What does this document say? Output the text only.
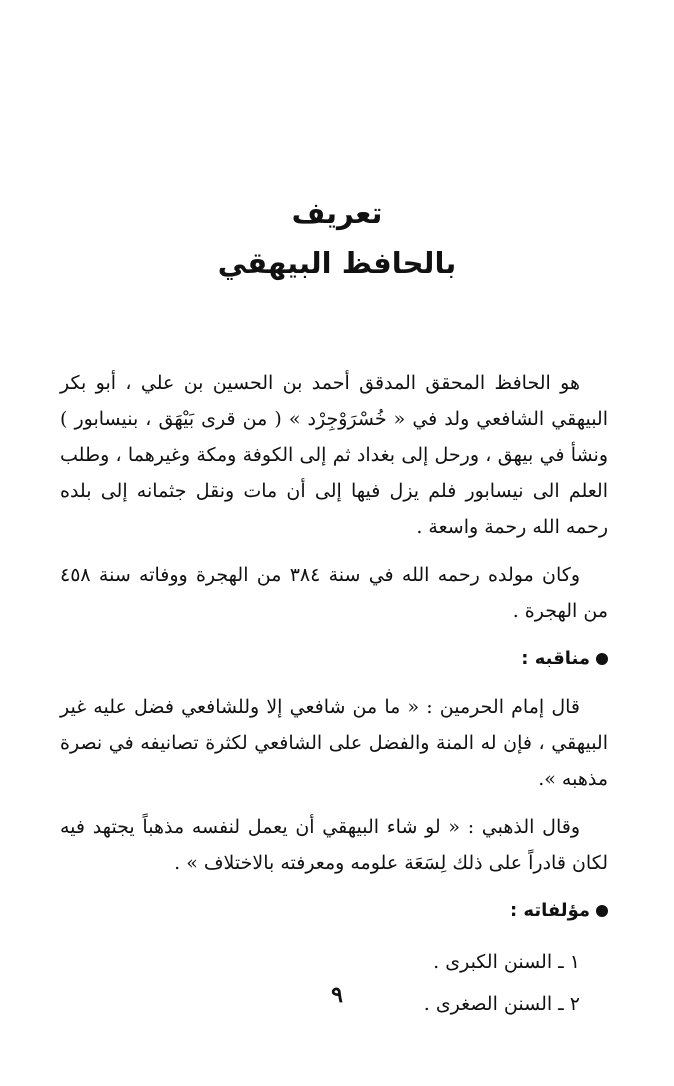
تعريف
بالحافظ البيهقي

هو الحافظ المحقق المدقق أحمد بن الحسين بن علي ، أبو بكر البيهقي الشافعي ولد في « خُسْرَوْجِرْد » ( من قرى بَيْهَق ، بنيسابور ) ونشأ في بيهق ، ورحل إلى بغداد ثم إلى الكوفة ومكة وغيرهما ، وطلب العلم الى نيسابور فلم يزل فيها إلى أن مات ونقل جثمانه إلى بلده رحمه الله رحمة واسعة .

وكان مولده رحمه الله في سنة ٣٨٤ من الهجرة ووفاته سنة ٤٥٨ من الهجرة .

مناقبه :

قال إمام الحرمين : « ما من شافعي إلا وللشافعي فضل عليه غير البيهقي ، فإن له المنة والفضل على الشافعي لكثرة تصانيفه في نصرة مذهبه ».

وقال الذهبي : « لو شاء البيهقي أن يعمل لنفسه مذهباً يجتهد فيه لكان قادراً على ذلك لِسَعَة علومه ومعرفته بالاختلاف » .

مؤلفاته :
١ ـ السنن الكبرى .
٢ ـ السنن الصغرى .
٩
